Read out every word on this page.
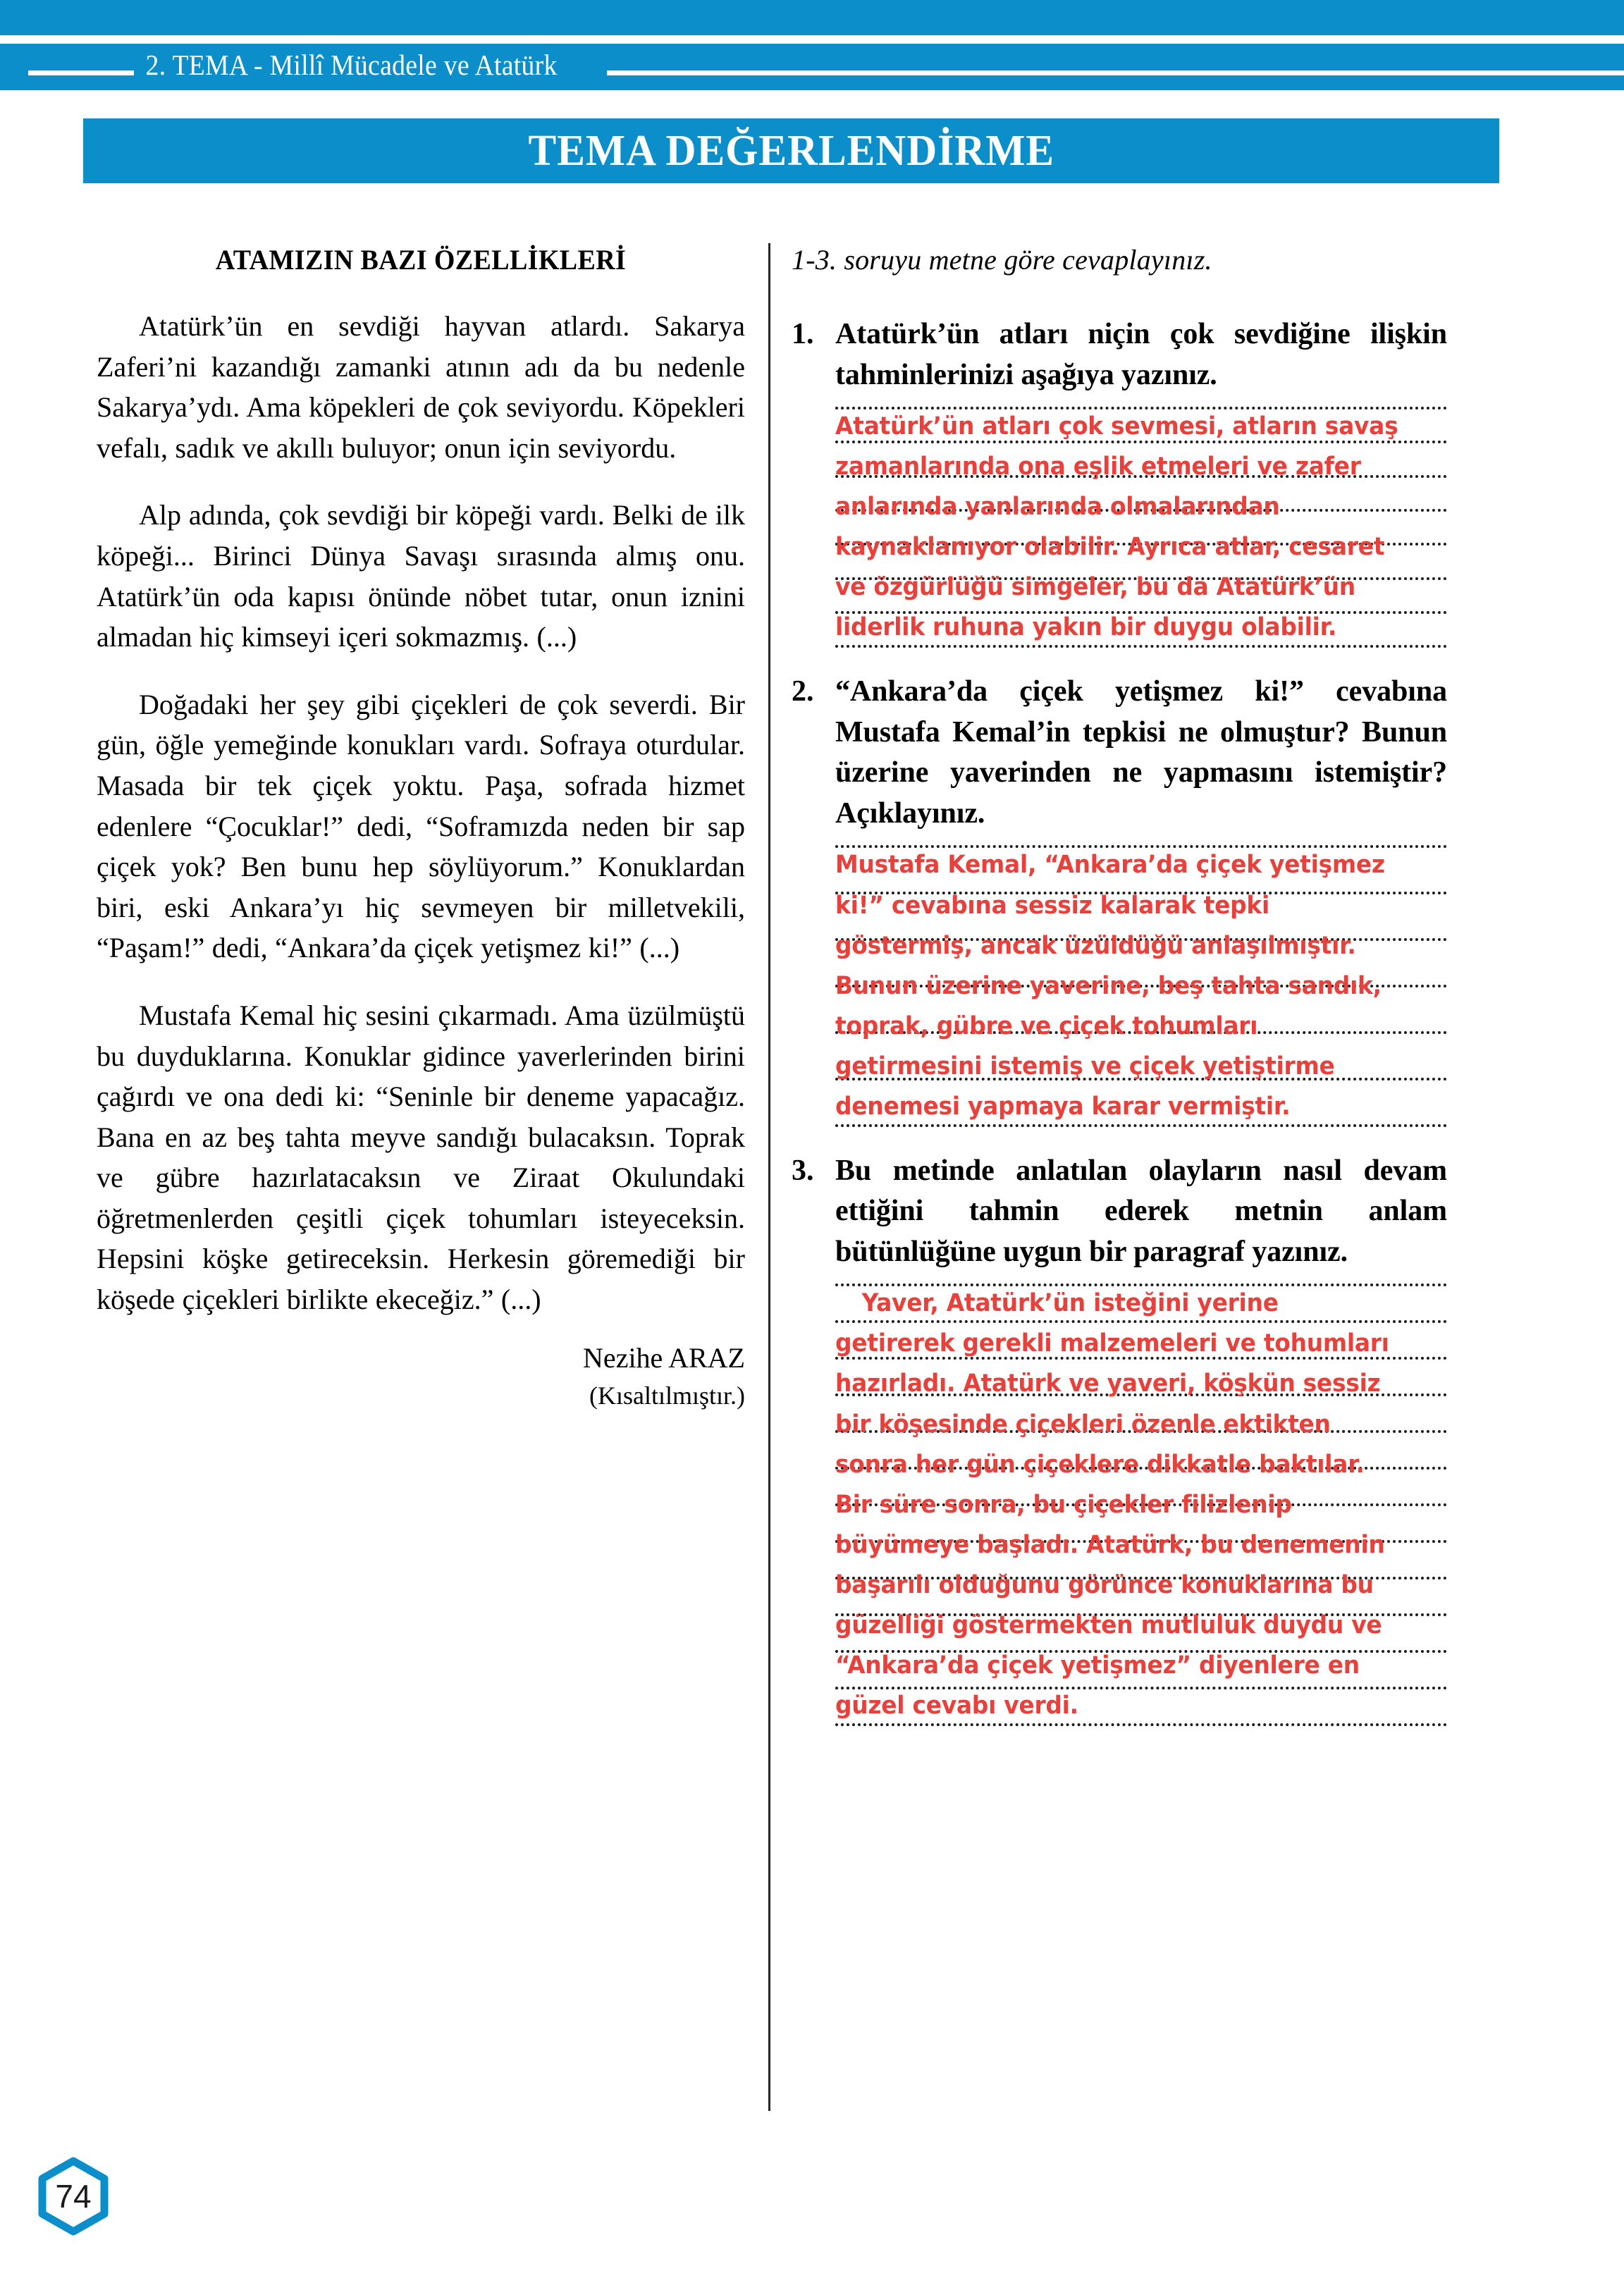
2. TEMA - Millî Mücadele ve Atatürk
TEMA DEĞERLENDİRME
ATAMIZIN BAZI ÖZELLİKLERİ

Atatürk’ün en sevdiği hayvan atlardı. Sakarya Zaferi’ni kazandığı zamanki atının adı da bu nedenle Sakarya’ydı. Ama köpekleri de çok seviyordu. Köpekleri vefalı, sadık ve akıllı buluyor; onun için seviyordu.

Alp adında, çok sevdiği bir köpeği vardı. Belki de ilk köpeği... Birinci Dünya Savaşı sırasında almış onu. Atatürk’ün oda kapısı önünde nöbet tutar, onun iznini almadan hiç kimseyi içeri sokmazmış. (...)

Doğadaki her şey gibi çiçekleri de çok severdi. Bir gün, öğle yemeğinde konukları vardı. Sofraya oturdular. Masada bir tek çiçek yoktu. Paşa, sofrada hizmet edenlere “Çocuklar!” dedi, “Soframızda neden bir sap çiçek yok? Ben bunu hep söylüyorum.” Konuklardan biri, eski Ankara’yı hiç sevmeyen bir milletvekili, “Paşam!” dedi, “Ankara’da çiçek yetişmez ki!” (...)

Mustafa Kemal hiç sesini çıkarmadı. Ama üzülmüştü bu duyduklarına. Konuklar gidince yaverlerinden birini çağırdı ve ona dedi ki: “Seninle bir deneme yapacağız. Bana en az beş tahta meyve sandığı bulacaksın. Toprak ve gübre hazırlatacaksın ve Ziraat Okulundaki öğretmenlerden çeşitli çiçek tohumları isteyeceksin. Hepsini köşke getireceksin. Herkesin göremediği bir köşede çiçekleri birlikte ekeceğiz.” (...)

Nezihe ARAZ
(Kısaltılmıştır.)
1-3. soruyu metne göre cevaplayınız.
1. Atatürk’ün atları niçin çok sevdiğine ilişkin tahminlerinizi aşağıya yazınız.
Atatürk’ün atları çok sevmesi, atların savaş zamanlarında ona eşlik etmeleri ve zafer anlarında yanlarında olmalarından kaynaklanıyor olabilir. Ayrıca atlar, cesaret ve özgürlüğü simgeler, bu da Atatürk’ün liderlik ruhuna yakın bir duygu olabilir.
2. “Ankara’da çiçek yetişmez ki!” cevabına Mustafa Kemal’in tepkisi ne olmuştur? Bunun üzerine yaverinden ne yapmasını istemiştir? Açıklayınız.
Mustafa Kemal, “Ankara’da çiçek yetişmez ki!” cevabına sessiz kalarak tepki göstermiş, ancak üzüldüğü anlaşılmıştır. Bunun üzerine yaverine, beş tahta sandık, toprak, gübre ve çiçek tohumları getirmesini istemiş ve çiçek yetiştirme denemesi yapmaya karar vermiştir.
3. Bu metinde anlatılan olayların nasıl devam ettiğini tahmin ederek metnin anlam bütünlüğüne uygun bir paragraf yazınız.
Yaver, Atatürk’ün isteğini yerine getirerek gerekli malzemeleri ve tohumları hazırladı. Atatürk ve yaveri, köşkün sessiz bir köşesinde çiçekleri özenle ektikten sonra her gün çiçeklere dikkatle baktılar. Bir süre sonra, bu çiçekler filizlenip büyümeye başladı. Atatürk, bu denemenin başarılı olduğunu görünce konuklarına bu güzelliği göstermekten mutluluk duydu ve “Ankara’da çiçek yetişmez” diyenlere en güzel cevabı verdi.
74
